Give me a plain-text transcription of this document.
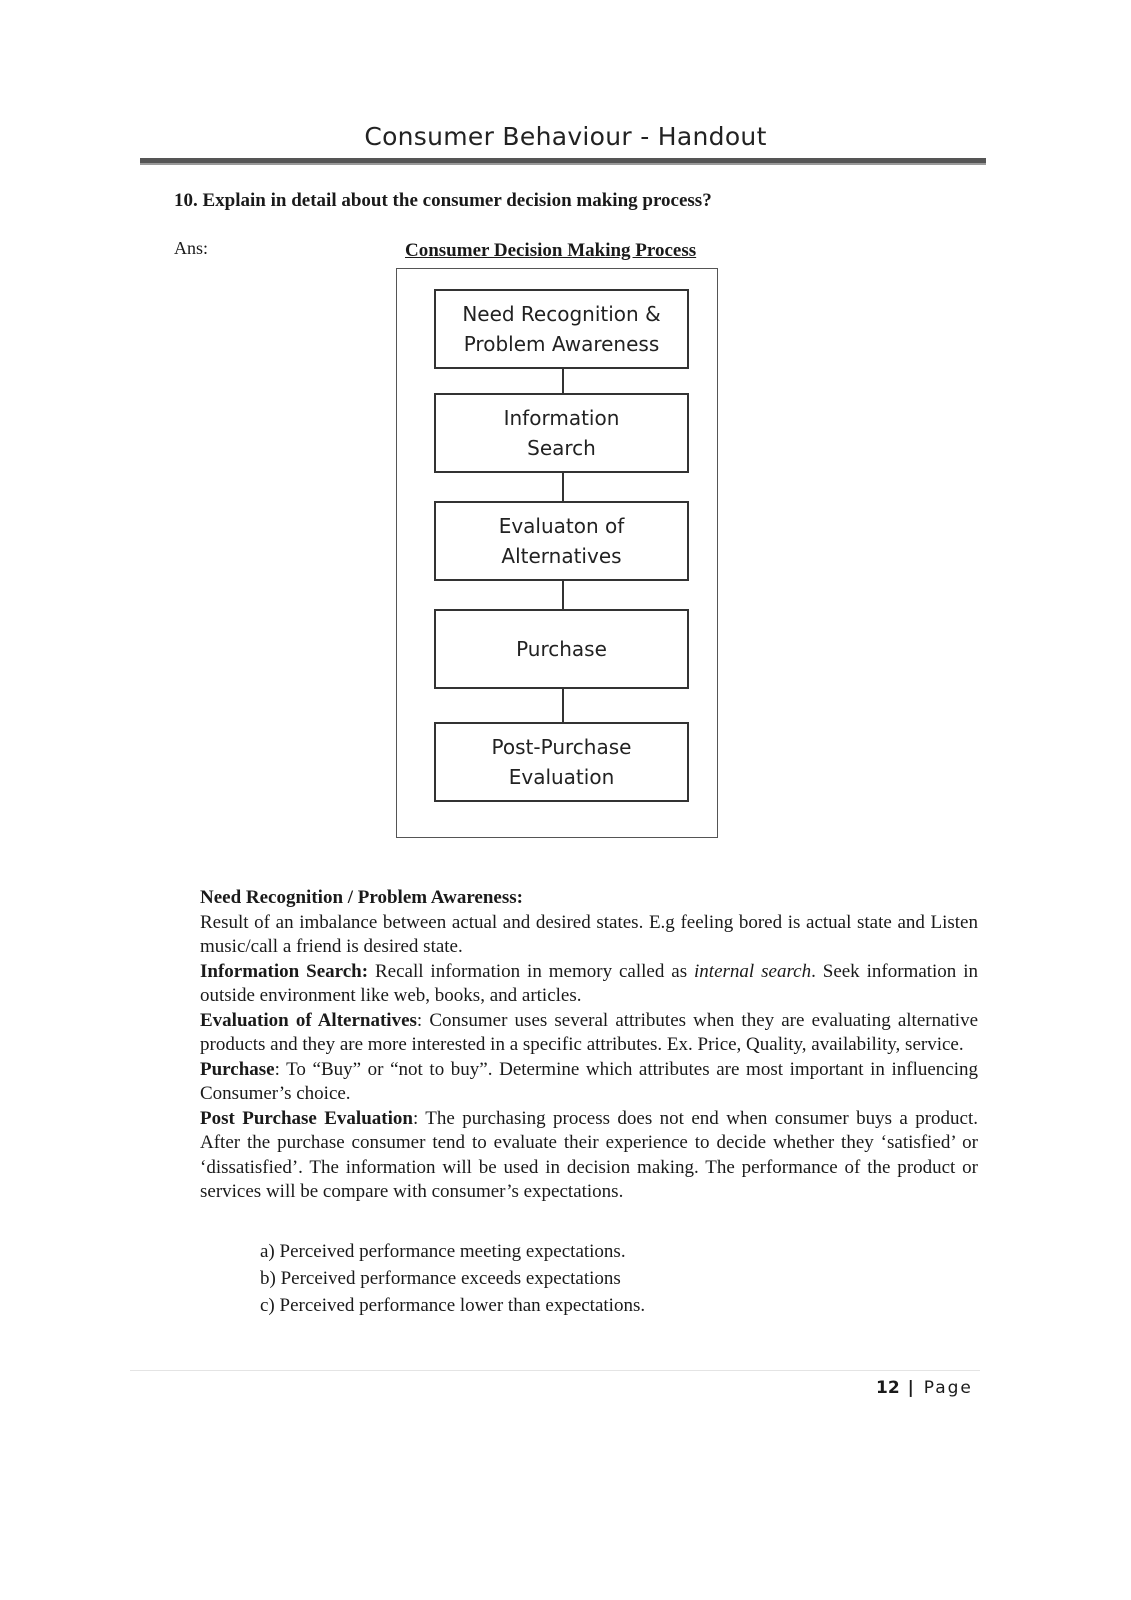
Consumer Behaviour - Handout
10. Explain in detail about the consumer decision making process?
Ans:	Consumer Decision Making Process
Need Recognition &
Problem Awareness
Information
Search
Evaluaton of
Alternatives
Purchase
Post-Purchase
Evaluation

Need Recognition / Problem Awareness:
Result of an imbalance between actual and desired states. E.g feeling bored is actual state and Listen music/call a friend is desired state.

Information Search: Recall information in memory called as internal search. Seek information in outside environment like web, books, and articles.

Evaluation of Alternatives: Consumer uses several attributes when they are evaluating alternative products and they are more interested in a specific attributes. Ex. Price, Quality, availability, service.

Purchase: To “Buy” or “not to buy”. Determine which attributes are most important in influencing Consumer’s choice.

Post Purchase Evaluation: The purchasing process does not end when consumer buys a product. After the purchase consumer tend to evaluate their experience to decide whether they ‘satisfied’ or ‘dissatisfied’. The information will be used in decision making. The performance of the product or services will be compare with consumer’s expectations.

a) Perceived performance meeting expectations.
b) Perceived performance exceeds expectations
c) Perceived performance lower than expectations.
12 | Page
